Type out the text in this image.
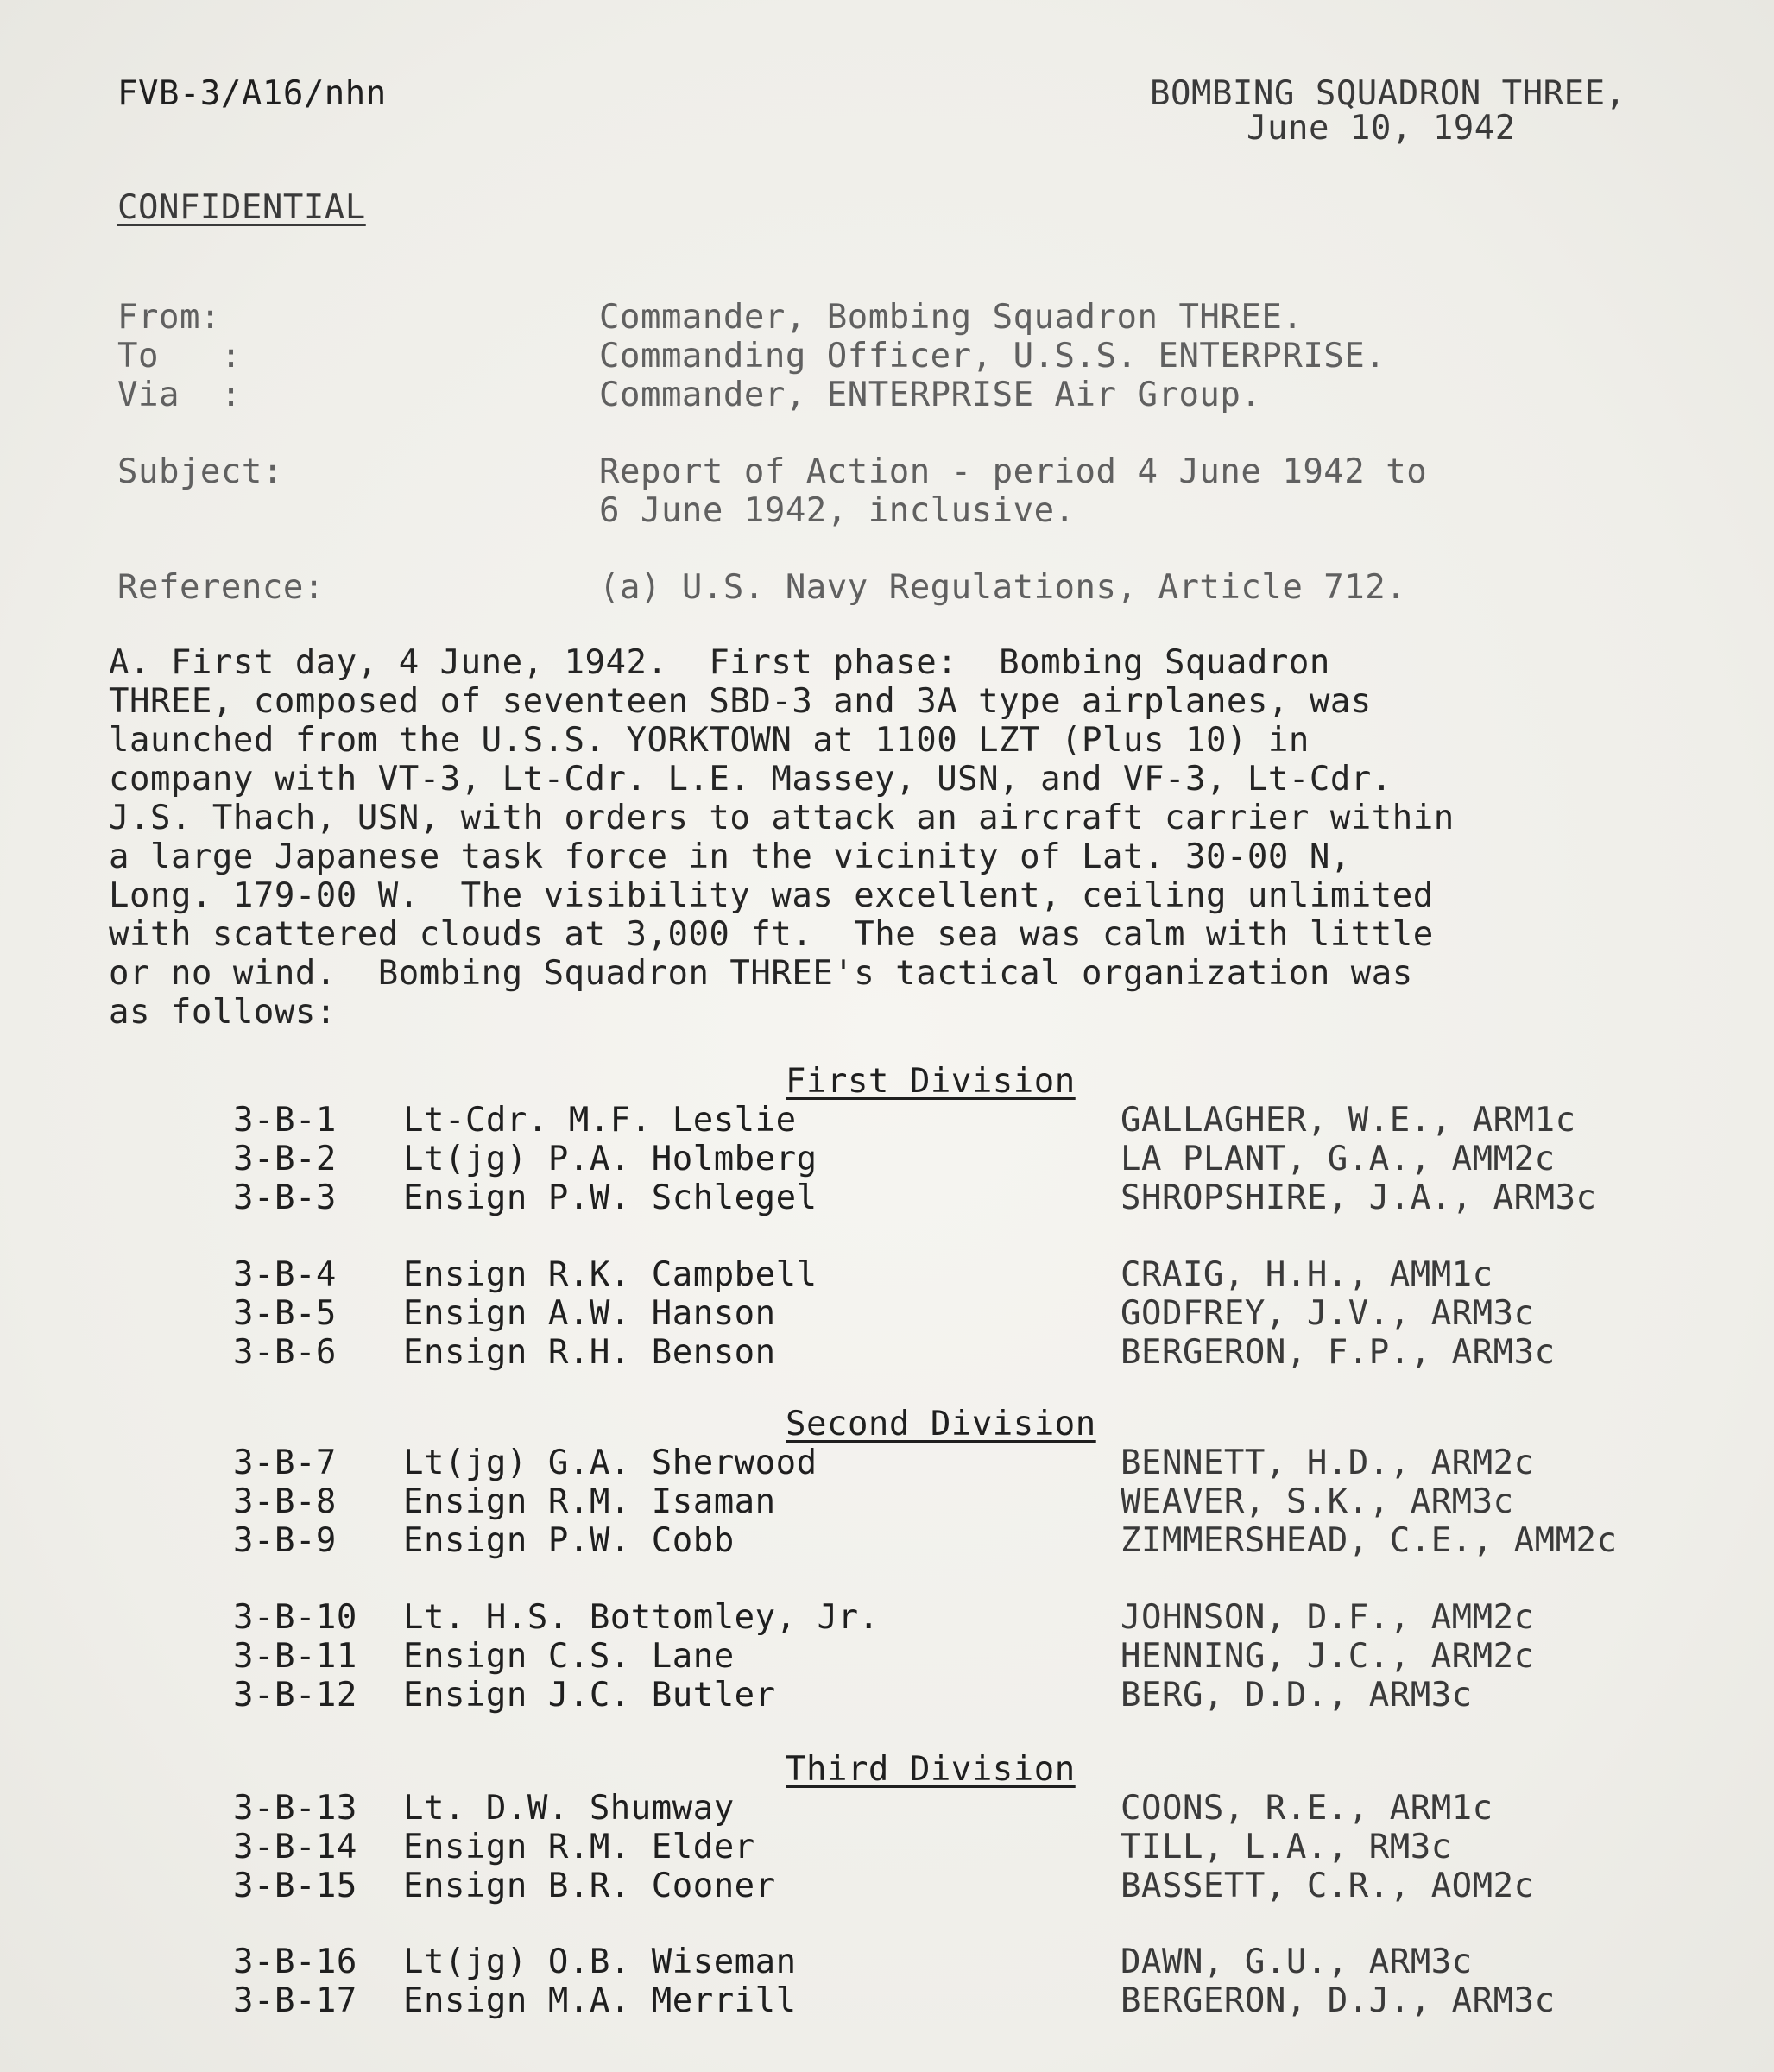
FVB-3/A16/nhn	BOMBING SQUADRON THREE,
June 10, 1942
CONFIDENTIAL
From:	Commander, Bombing Squadron THREE.
To   :	Commanding Officer, U.S.S. ENTERPRISE.
Via  :	Commander, ENTERPRISE Air Group.
Subject:	Report of Action - period 4 June 1942 to
6 June 1942, inclusive.
Reference:	(a) U.S. Navy Regulations, Article 712.
A. First day, 4 June, 1942.  First phase:  Bombing Squadron
THREE, composed of seventeen SBD-3 and 3A type airplanes, was
launched from the U.S.S. YORKTOWN at 1100 LZT (Plus 10) in
company with VT-3, Lt-Cdr. L.E. Massey, USN, and VF-3, Lt-Cdr.
J.S. Thach, USN, with orders to attack an aircraft carrier within
a large Japanese task force in the vicinity of Lat. 30-00 N,
Long. 179-00 W.  The visibility was excellent, ceiling unlimited
with scattered clouds at 3,000 ft.  The sea was calm with little
or no wind.  Bombing Squadron THREE's tactical organization was
as follows:
First Division
3-B-1 Lt-Cdr. M.F. Leslie	GALLAGHER, W.E., ARM1c
3-B-2 Lt(jg) P.A. Holmberg	LA PLANT, G.A., AMM2c
3-B-3 Ensign P.W. Schlegel	SHROPSHIRE, J.A., ARM3c
3-B-4 Ensign R.K. Campbell	CRAIG, H.H., AMM1c
3-B-5 Ensign A.W. Hanson	GODFREY, J.V., ARM3c
3-B-6 Ensign R.H. Benson	BERGERON, F.P., ARM3c
Second Division
3-B-7 Lt(jg) G.A. Sherwood	BENNETT, H.D., ARM2c
3-B-8 Ensign R.M. Isaman	WEAVER, S.K., ARM3c
3-B-9 Ensign P.W. Cobb	ZIMMERSHEAD, C.E., AMM2c
3-B-10 Lt. H.S. Bottomley, Jr.	JOHNSON, D.F., AMM2c
3-B-11 Ensign C.S. Lane	HENNING, J.C., ARM2c
3-B-12 Ensign J.C. Butler	BERG, D.D., ARM3c
Third Division
3-B-13 Lt. D.W. Shumway	COONS, R.E., ARM1c
3-B-14 Ensign R.M. Elder	TILL, L.A., RM3c
3-B-15 Ensign B.R. Cooner	BASSETT, C.R., AOM2c
3-B-16 Lt(jg) O.B. Wiseman	DAWN, G.U., ARM3c
3-B-17 Ensign M.A. Merrill	BERGERON, D.J., ARM3c
